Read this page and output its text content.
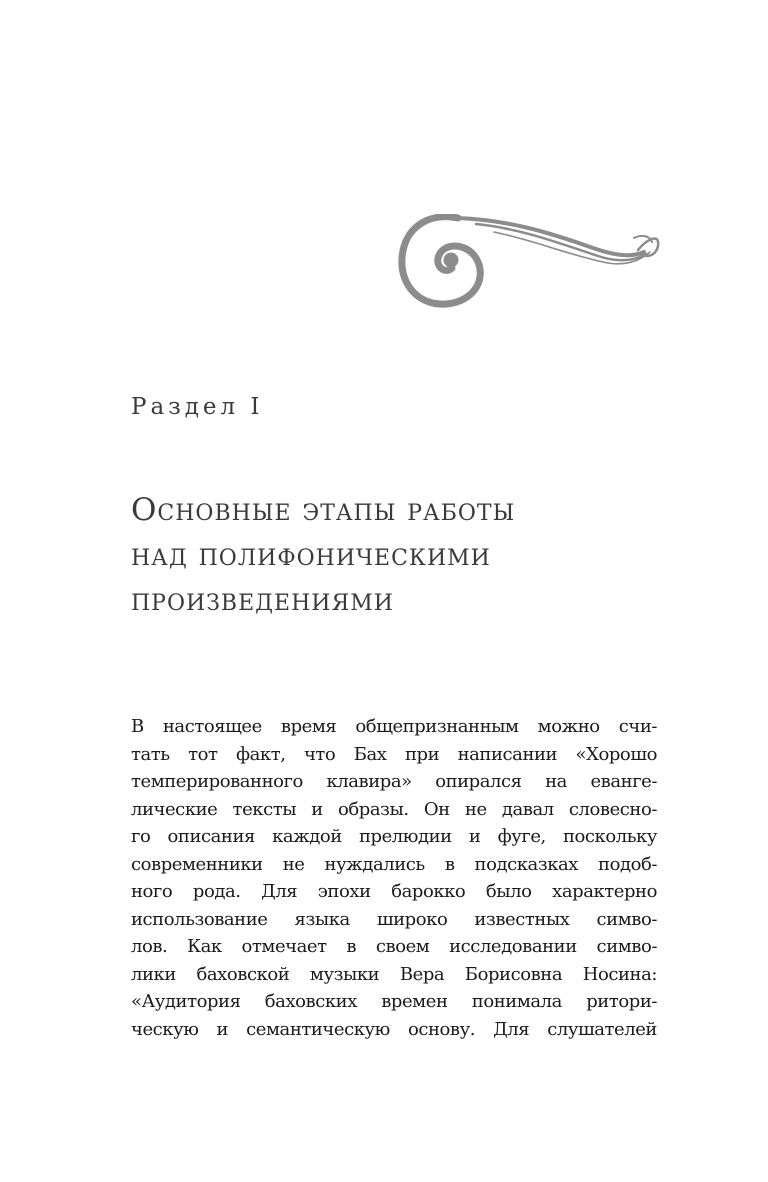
Раздел I
Основные этапы работы
над полифоническими
произведениями
В настоящее время общепризнанным можно счи-
тать тот факт, что Бах при написании «Хорошо
темперированного клавира» опирался на еванге-
лические тексты и образы. Он не давал словесно-
го описания каждой прелюдии и фуге, поскольку
современники не нуждались в подсказках подоб-
ного рода. Для эпохи барокко было характерно
использование языка широко известных симво-
лов. Как отмечает в своем исследовании симво-
лики баховской музыки Вера Борисовна Носина:
«Аудитория баховских времен понимала ритори-
ческую и семантическую основу. Для слушателей
